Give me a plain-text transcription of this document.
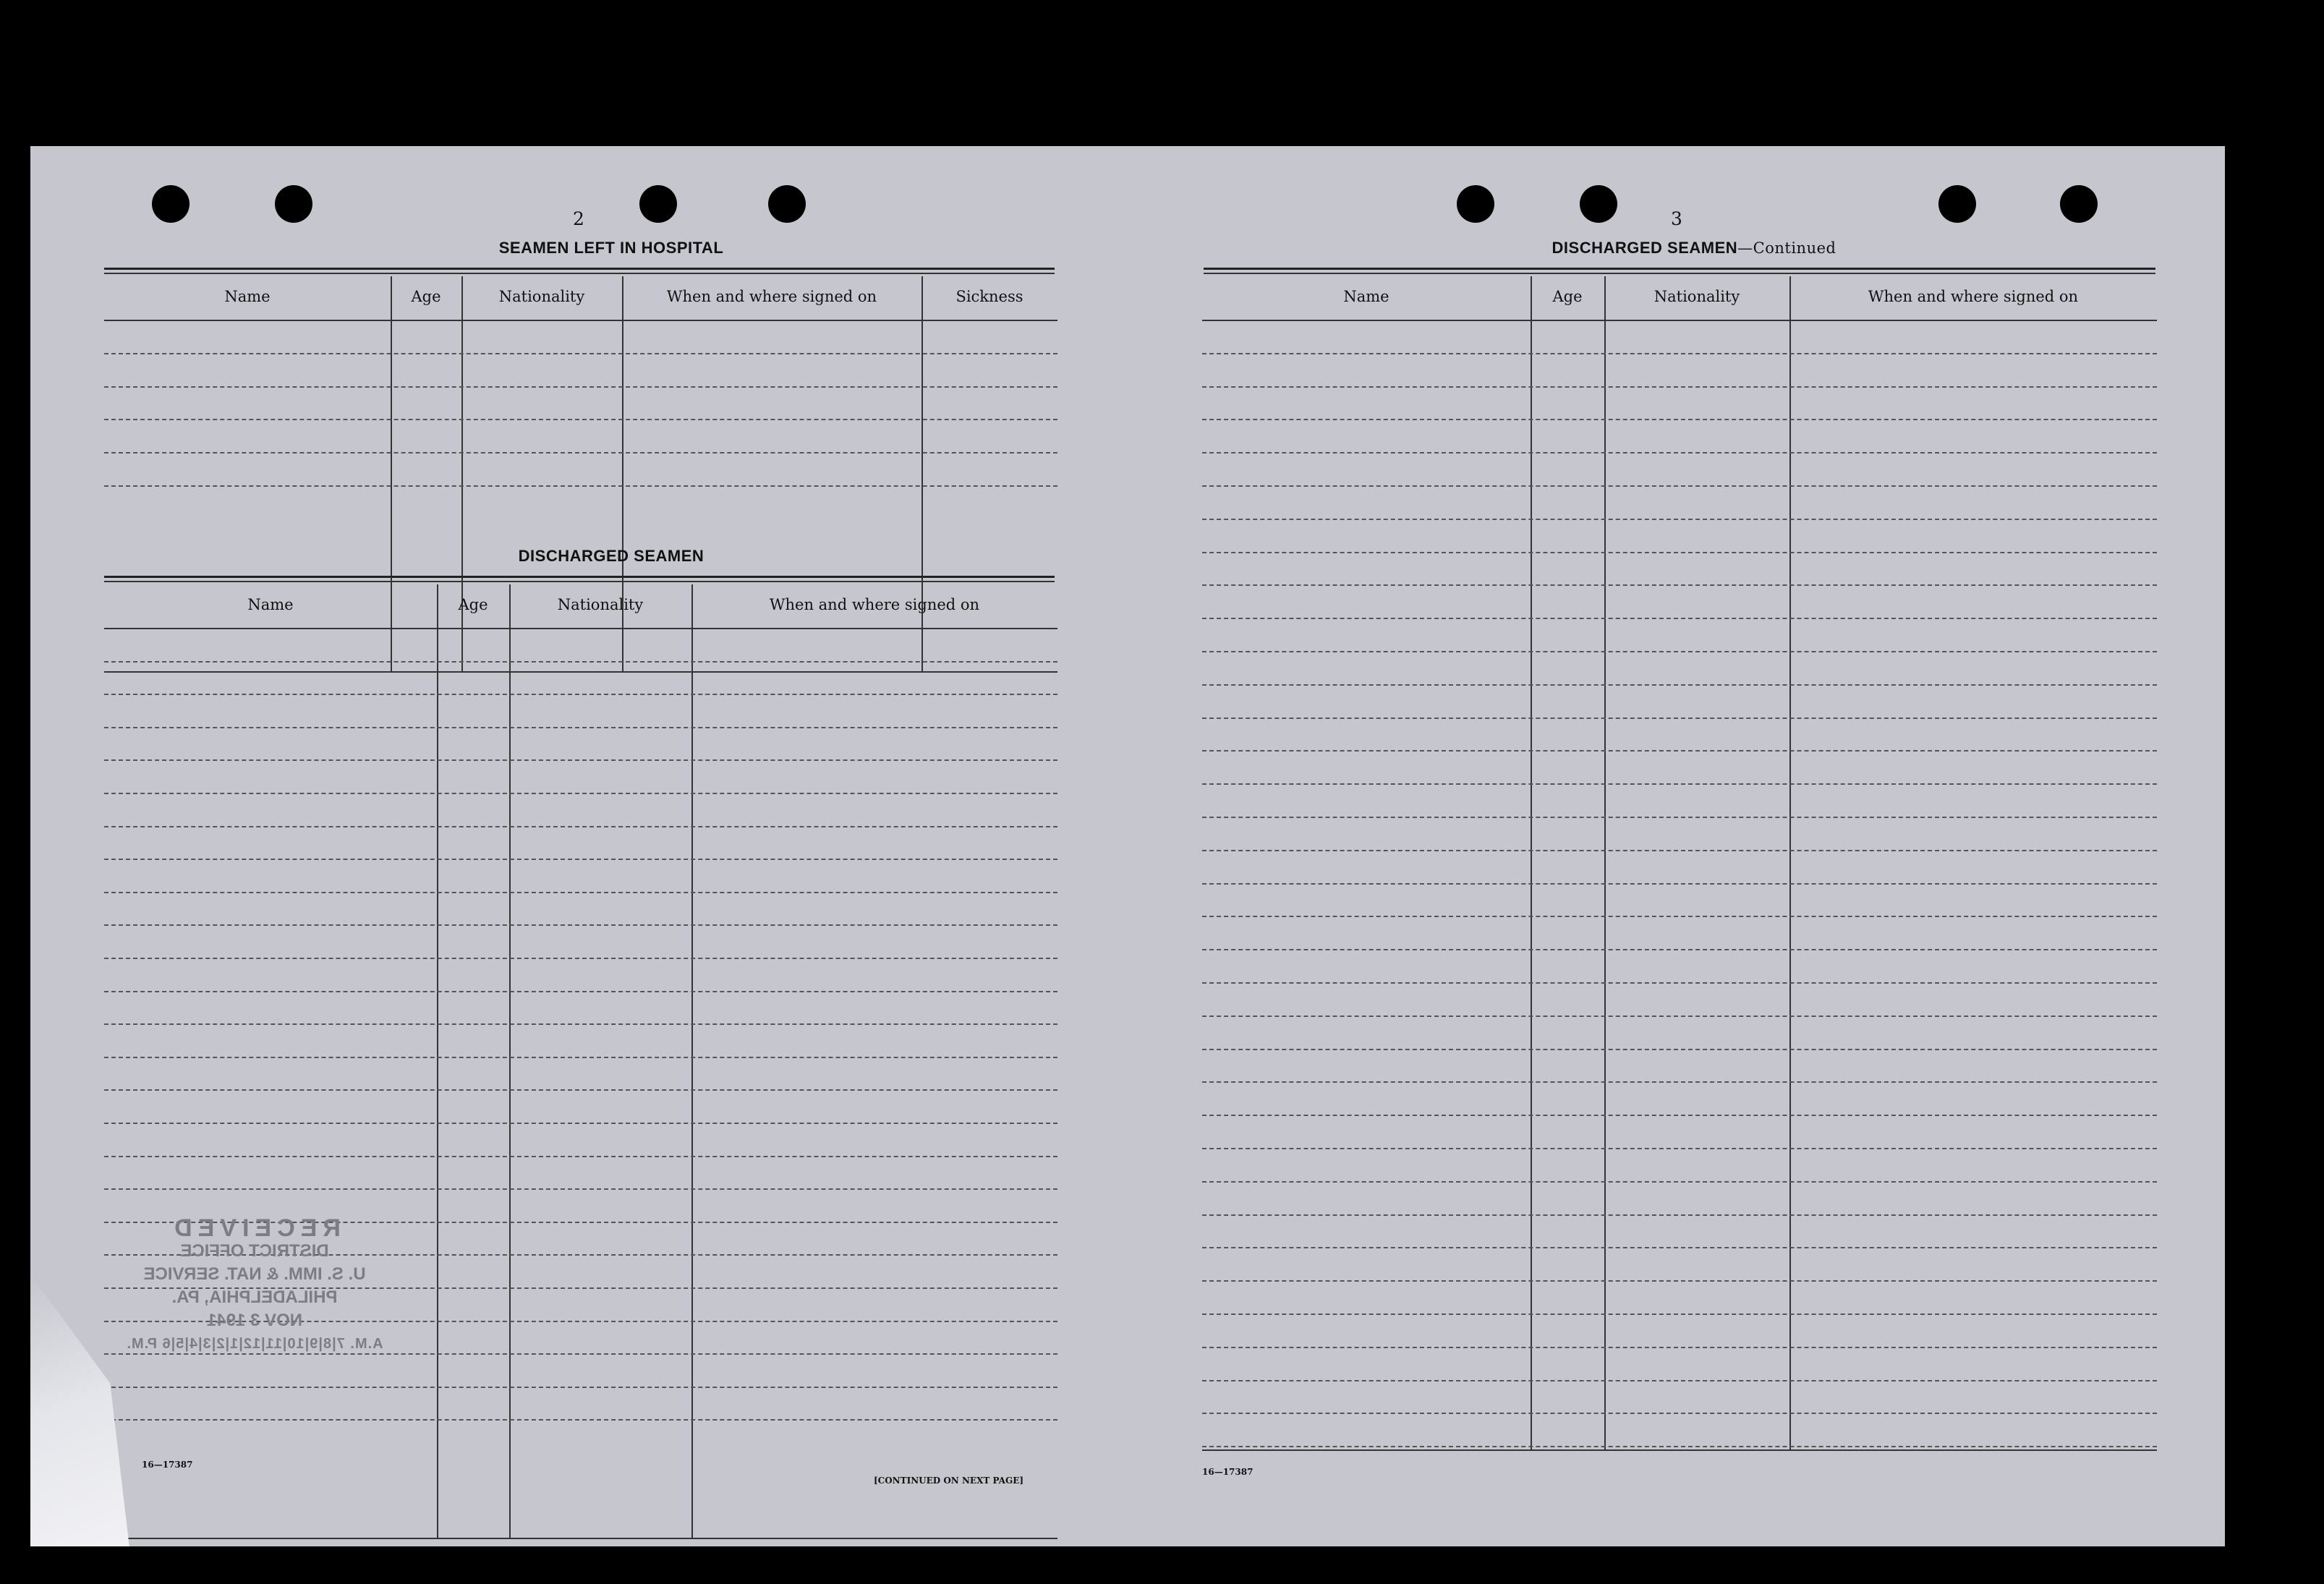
2
SEAMEN LEFT IN HOSPITAL
Name	Age	Nationality	When and where signed on	Sickness
DISCHARGED SEAMEN
Name	Age	Nationality	When and where signed on
RECEIVED
DISTRICT OFFICE
U. S. IMM. & NAT. SERVICE
PHILADELPHIA, PA.
NOV 3 1941
A.M. 7|8|9|10|11|12|1|2|3|4|5|6 P.M.
16—17387
[CONTINUED ON NEXT PAGE]
3
DISCHARGED SEAMEN—Continued
Name	Age	Nationality	When and where signed on
16—17387
